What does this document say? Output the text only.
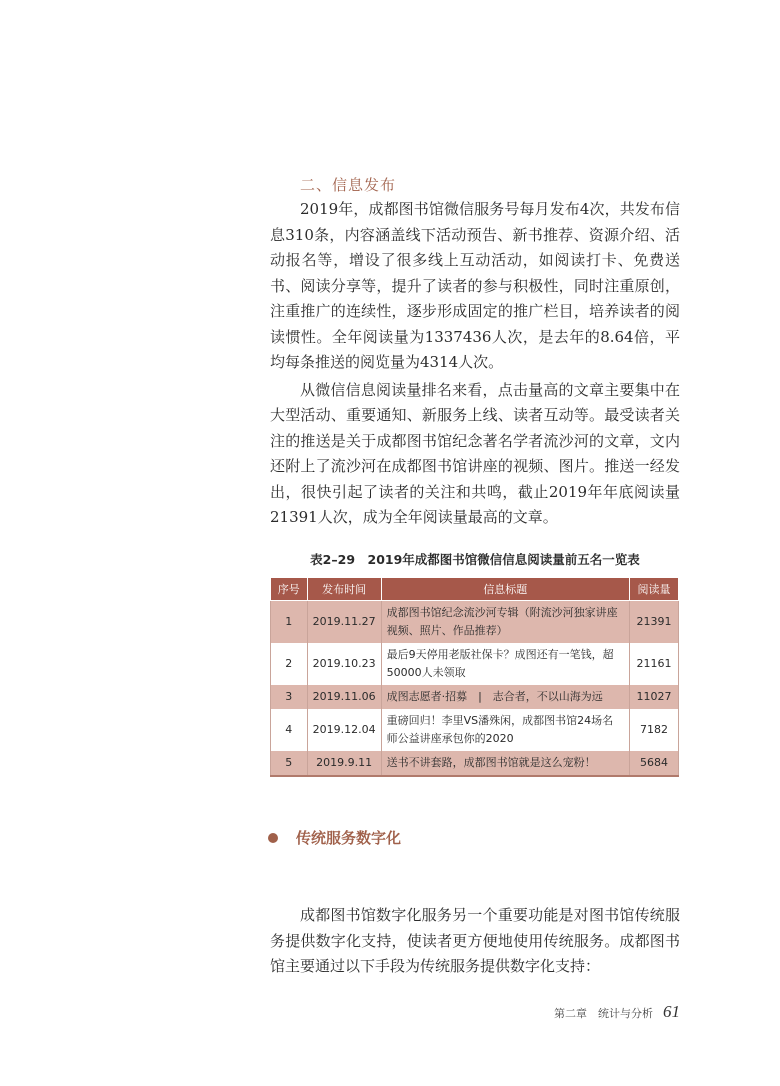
二、信息发布

2019年，成都图书馆微信服务号每月发布4次，共发布信息310条，内容涵盖线下活动预告、新书推荐、资源介绍、活动报名等，增设了很多线上互动活动，如阅读打卡、免费送书、阅读分享等，提升了读者的参与积极性，同时注重原创，注重推广的连续性，逐步形成固定的推广栏目，培养读者的阅读惯性。全年阅读量为1337436人次，是去年的8.64倍，平均每条推送的阅览量为4314人次。

从微信信息阅读量排名来看，点击量高的文章主要集中在大型活动、重要通知、新服务上线、读者互动等。最受读者关注的推送是关于成都图书馆纪念著名学者流沙河的文章，文内还附上了流沙河在成都图书馆讲座的视频、图片。推送一经发出，很快引起了读者的关注和共鸣，截止2019年年底阅读量21391人次，成为全年阅读量最高的文章。

表2–29　2019年成都图书馆微信信息阅读量前五名一览表
序号	发布时间	信息标题	阅读量
1	2019.11.27	成都图书馆纪念流沙河专辑（附流沙河独家讲座视频、照片、作品推荐）	21391
2	2019.10.23	最后9天停用老版社保卡？成图还有一笔钱，超50000人未领取	21161
3	2019.11.06	成图志愿者·招募　|　志合者，不以山海为远	11027
4	2019.12.04	重磅回归！李里VS潘殊闲，成都图书馆24场名师公益讲座承包你的2020	7182
5	2019.9.11	送书不讲套路，成都图书馆就是这么宠粉！	5684
传统服务数字化

成都图书馆数字化服务另一个重要功能是对图书馆传统服务提供数字化支持，使读者更方便地使用传统服务。成都图书馆主要通过以下手段为传统服务提供数字化支持：

第二章　统计与分析 61
